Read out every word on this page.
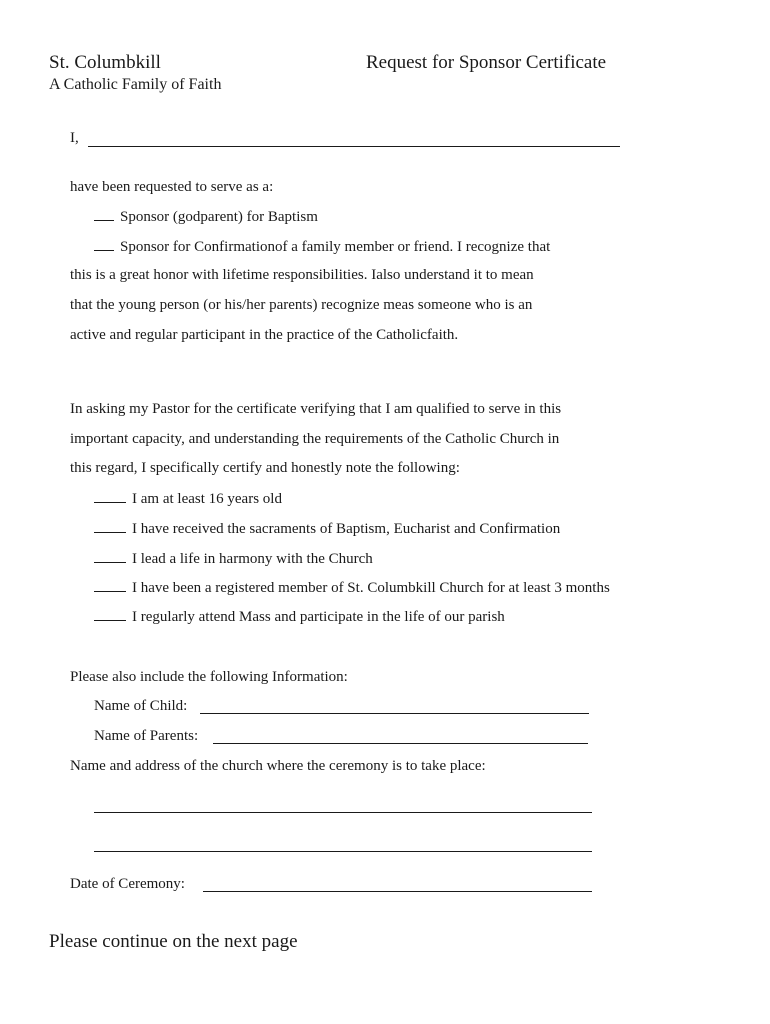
St. Columbkill
A Catholic Family of Faith
Request for Sponsor Certificate
I,
have been requested to serve as a:
Sponsor (godparent) for Baptism
Sponsor for Confirmationof a family member or friend. I recognize that
this is a great honor with lifetime responsibilities. Ialso understand it to mean
that the young person (or his/her parents) recognize meas someone who is an
active and regular participant in the practice of the Catholicfaith.
In asking my Pastor for the certificate verifying that I am qualified to serve in this
important capacity, and understanding the requirements of the Catholic Church in
this regard, I specifically certify and honestly note the following:
I am at least 16 years old
I have received the sacraments of Baptism, Eucharist and Confirmation
I lead a life in harmony with the Church
I have been a registered member of St. Columbkill Church for at least 3 months
I regularly attend Mass and participate in the life of our parish
Please also include the following Information:
Name of Child:
Name of Parents:
Name and address of the church where the ceremony is to take place:
Date of Ceremony:
Please continue on the next page
